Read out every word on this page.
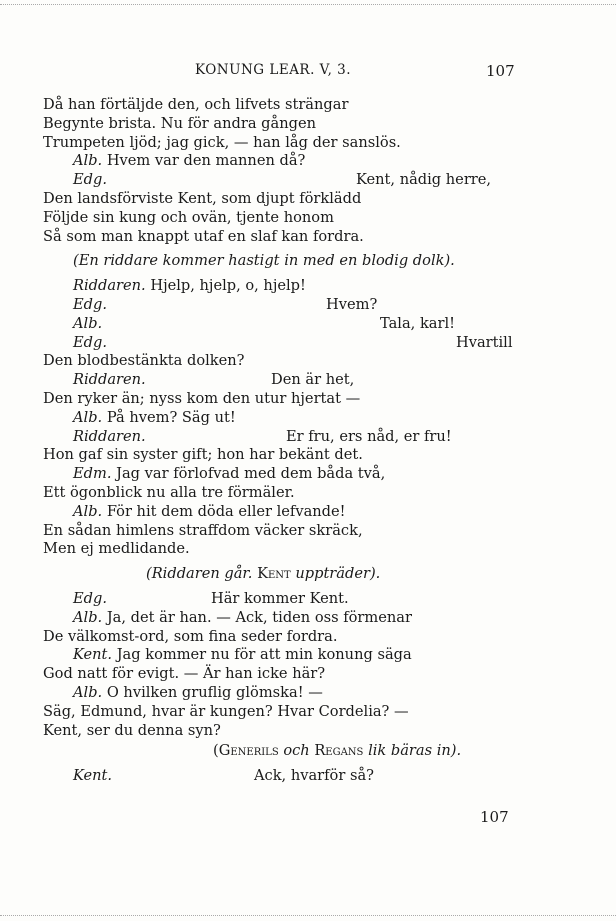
KONUNG LEAR. V, 3.	107
Då han förtäljde den, och lifvets strängar
Begynte brista. Nu för andra gången
Trumpeten ljöd; jag gick, — han låg der sanslös.
Alb. Hvem var den mannen då?
Edg.	Kent, nådig herre,
Den landsförviste Kent, som djupt förklädd
Följde sin kung och ovän, tjente honom
Så som man knappt utaf en slaf kan fordra.
(En riddare kommer hastigt in med en blodig dolk).
Riddaren. Hjelp, hjelp, o, hjelp!
Edg.	Hvem?
Alb.	Tala, karl!
Edg.	Hvartill
Den blodbestänkta dolken?
Riddaren.	Den är het,
Den ryker än; nyss kom den utur hjertat —
Alb. På hvem? Säg ut!
Riddaren.	Er fru, ers nåd, er fru!
Hon gaf sin syster gift; hon har bekänt det.
Edm. Jag var förlofvad med dem båda två,
Ett ögonblick nu alla tre förmäler.
Alb. För hit dem döda eller lefvande!
En sådan himlens straffdom väcker skräck,
Men ej medlidande.
(Riddaren går. Kent uppträder).
Edg.	Här kommer Kent.
Alb. Ja, det är han. — Ack, tiden oss förmenar
De välkomst-ord, som fina seder fordra.
Kent. Jag kommer nu för att min konung säga
God natt för evigt. — Är han icke här?
Alb. O hvilken gruflig glömska! —
Säg, Edmund, hvar är kungen? Hvar Cordelia? —
Kent, ser du denna syn?
(Generils och Regans lik bäras in).
Kent.	Ack, hvarför så?
107
